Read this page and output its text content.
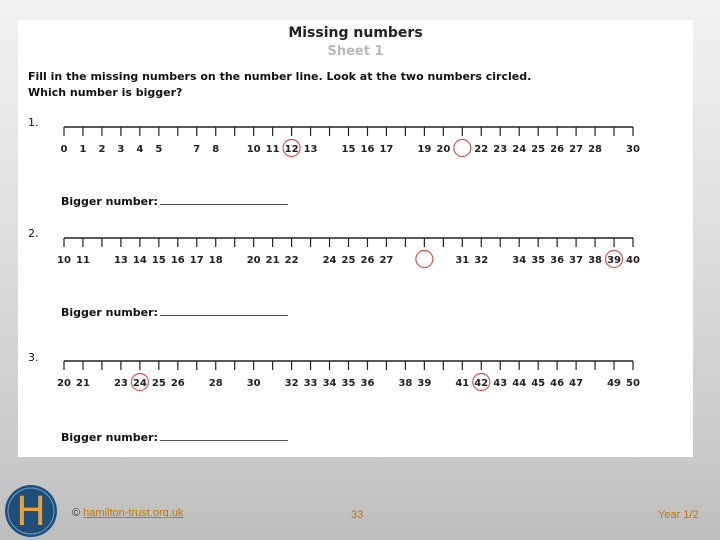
Missing numbers
Sheet 1
Fill in the missing numbers on the number line. Look at the two numbers circled.
Which number is bigger?
1.
2.
3.
0 1 2 3 4 5	7 8	10 11 12 13 15 16 17 19 20 22 23 24 25 26 27 28 30
10 11 13 14 15 16 17 18 20 21 22 24 25 26 27	31 32 34 35 36 37 38 39 40
20 21 23 24 25 26 28 30 32 33 34 35 36 38 39 41 42 43 44 45 46 47 49 50
Bigger number:
Bigger number:
Bigger number:
H © hamilton-trust.org.uk	33	Year 1/2
